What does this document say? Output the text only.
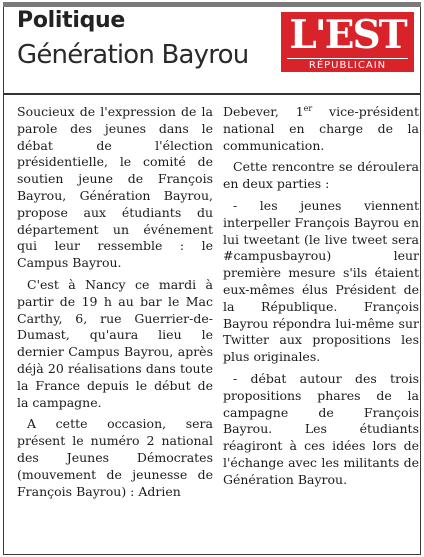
Politique
Génération Bayrou L'EST
RÉPUBLICAIN

Soucieux de l'expression de la parole des jeunes dans le débat de l'élection présidentielle, le comité de soutien jeune de François Bayrou, Génération Bayrou, propose aux étudiants du département un événement qui leur ressemble : le Campus Bayrou.

C'est à Nancy ce mardi à partir de 19 h au bar le Mac Carthy, 6, rue Guerrier-de-Dumast, qu'aura lieu le dernier Campus Bayrou, après déjà 20 réalisations dans toute la France depuis le début de la campagne.

A cette occasion, sera présent le numéro 2 national des Jeunes Démocrates (mouvement de jeunesse de François Bayrou) : Adrien

Debever, 1er vice-président national en charge de la communication.

Cette rencontre se déroulera en deux parties :

- les jeunes viennent interpeller François Bayrou en lui tweetant (le live tweet sera #campusbayrou) leur première mesure s'ils étaient eux-mêmes élus Président de la République. François Bayrou répondra lui-même sur Twitter aux propositions les plus originales.

- débat autour des trois propositions phares de la campagne de François Bayrou. Les étudiants réagiront à ces idées lors de l'échange avec les militants de Génération Bayrou.
